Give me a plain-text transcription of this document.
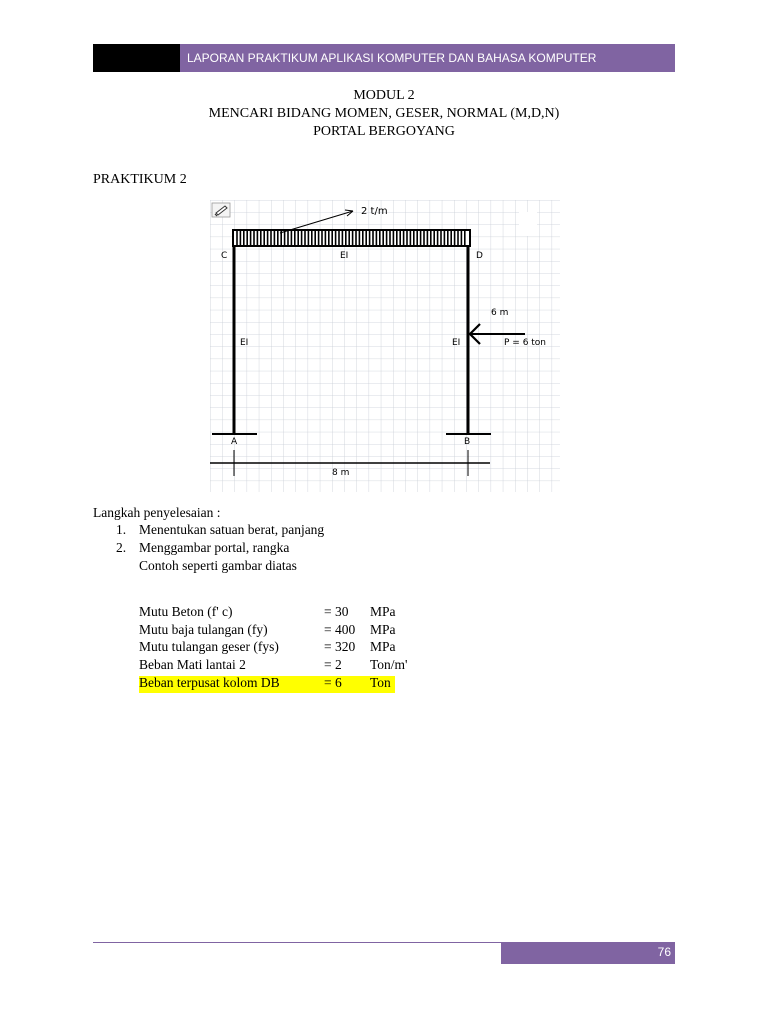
LAPORAN PRAKTIKUM APLIKASI KOMPUTER DAN BAHASA KOMPUTER
MODUL 2
MENCARI BIDANG MOMEN, GESER, NORMAL (M,D,N)
PORTAL BERGOYANG
PRAKTIKUM 2
2 t/m
C	D
EI
EI	EI
A	B
6 m
P = 6 ton
8 m
Langkah penyelesaian :
1. Menentukan satuan berat, panjang
2. Menggambar portal, rangka
Contoh seperti gambar diatas
Mutu Beton (f' c)	= 30 MPa
Mutu baja tulangan (fy)	= 400 MPa
Mutu tulangan geser (fys)	= 320 MPa
Beban Mati lantai 2	= 2 Ton/m'
Beban terpusat kolom DB	= 6 Ton
76
